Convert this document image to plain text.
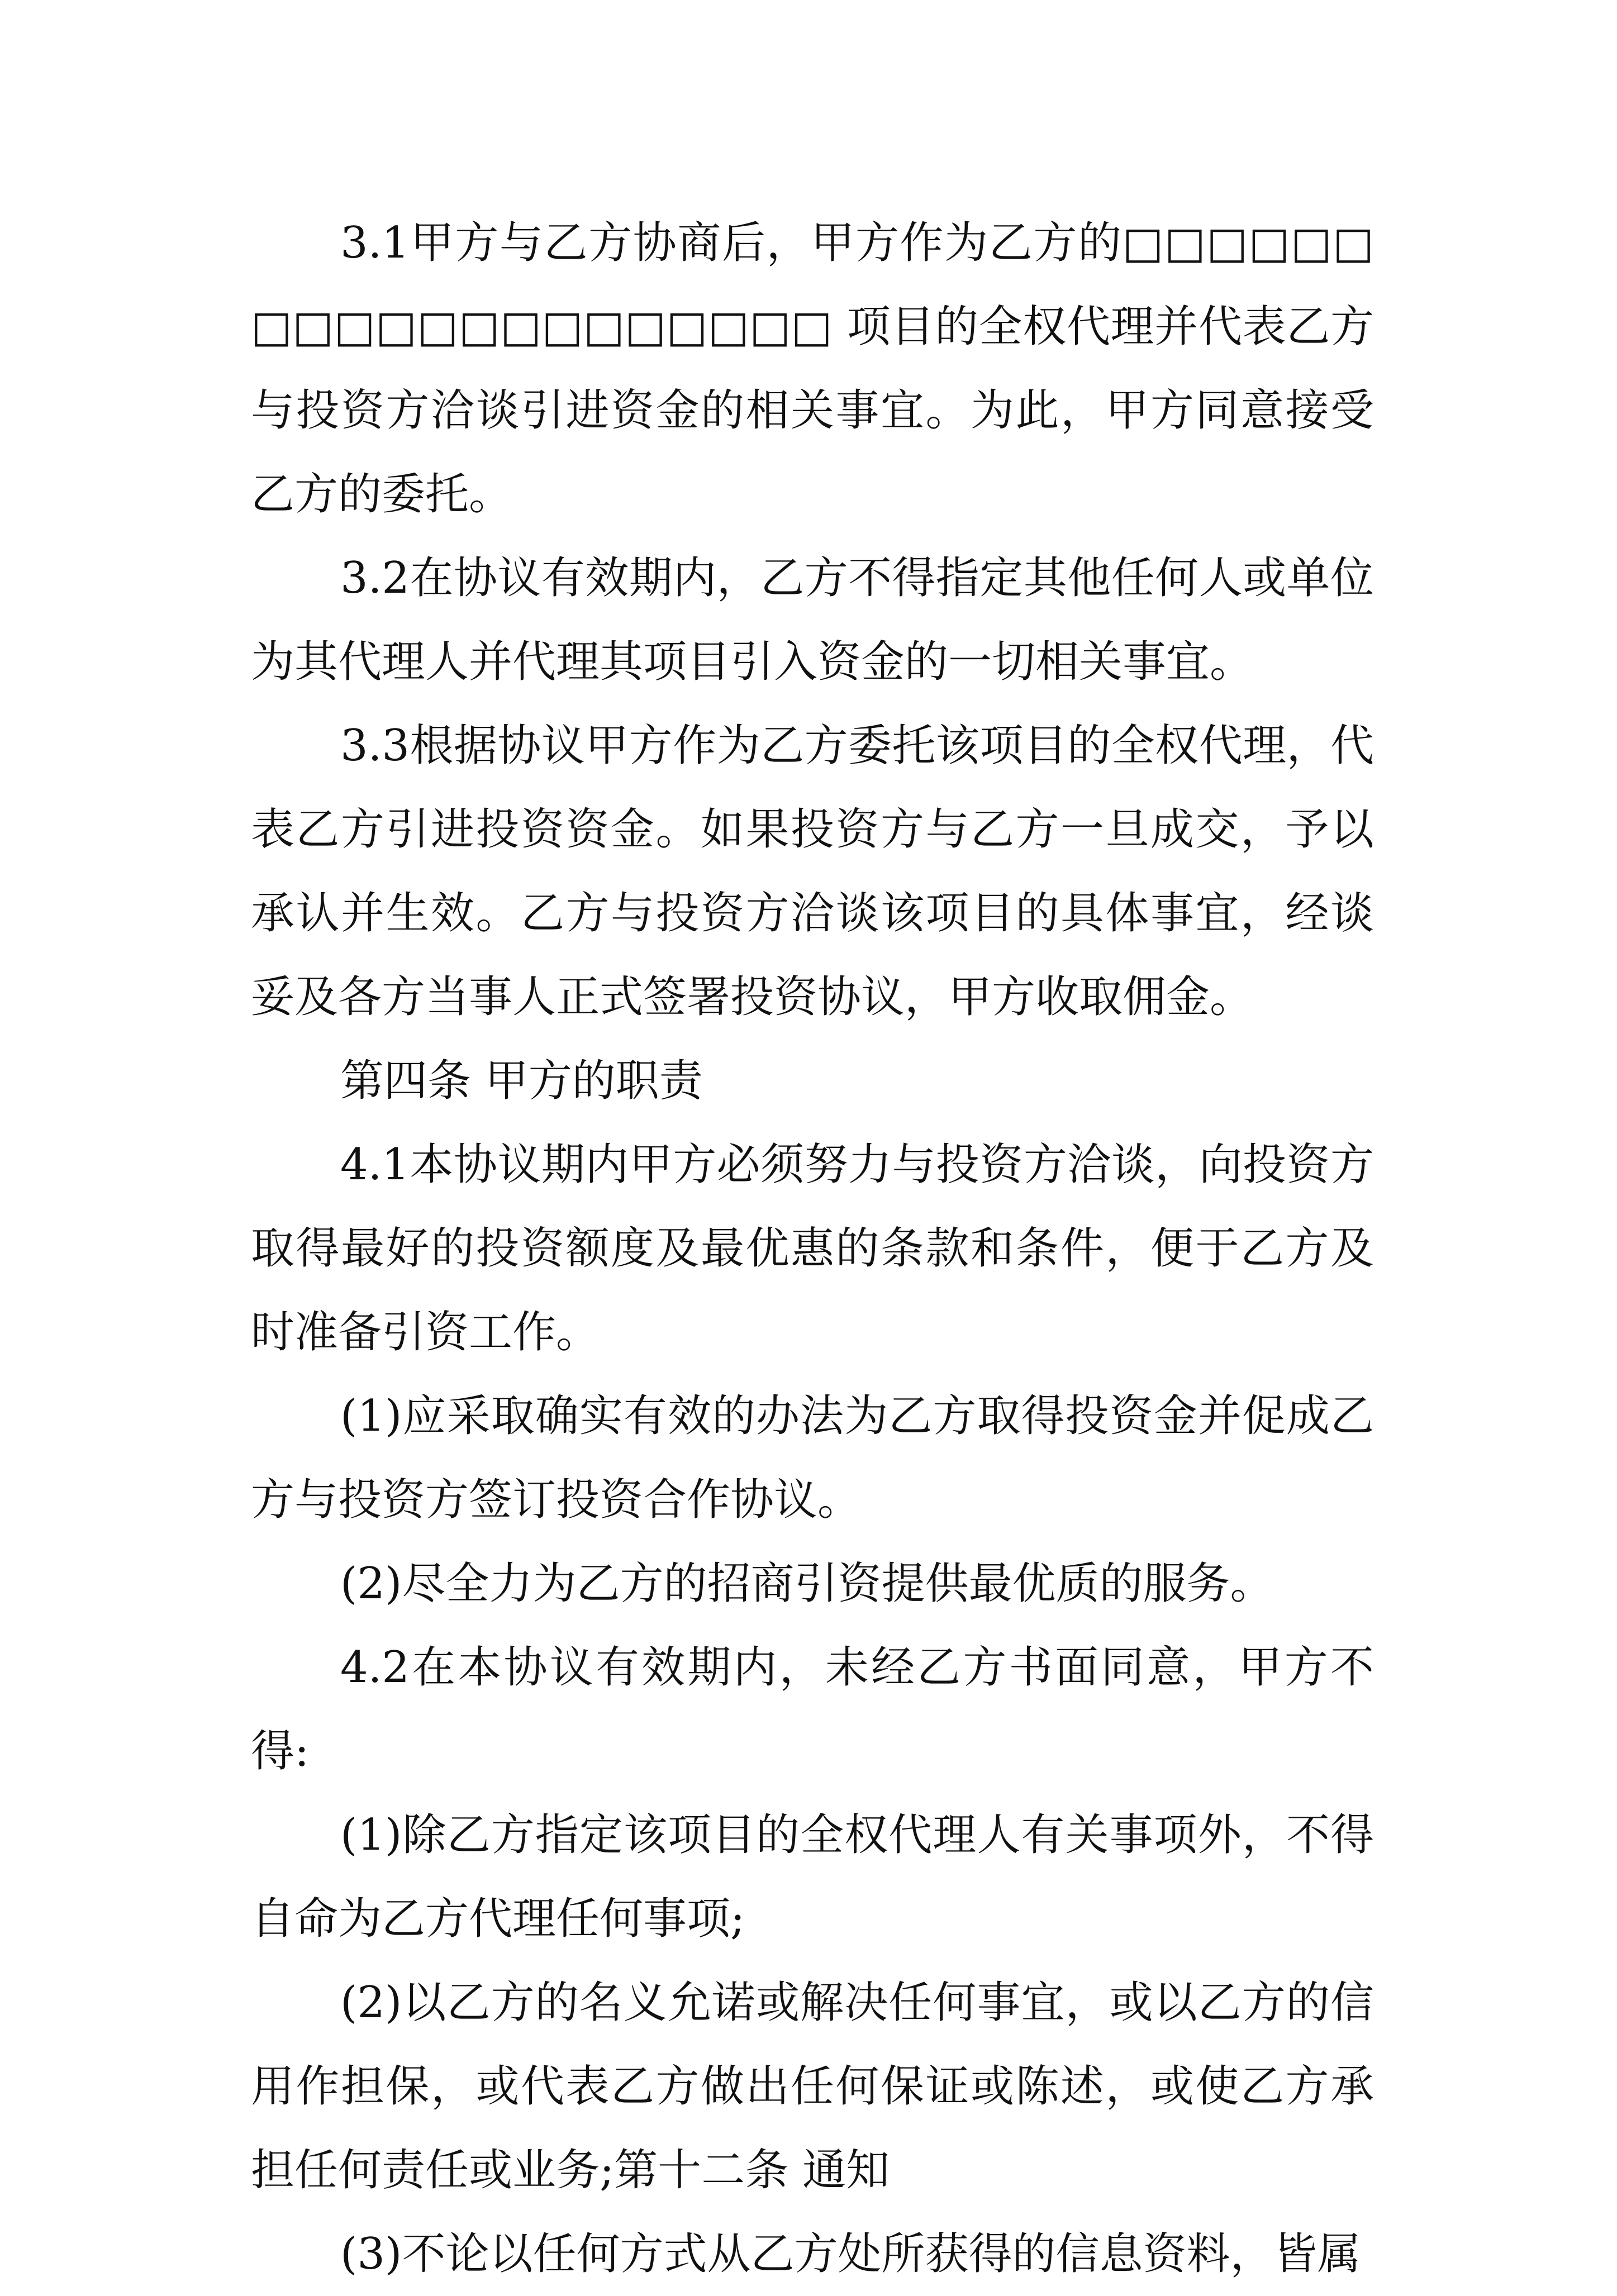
3.1甲方与乙方协商后，甲方作为乙方的□□□□□□□□□□□□□□□□□□□□ 项目的全权代理并代表乙方与投资方洽谈引进资金的相关事宜。为此，甲方同意接受乙方的委托。

3.2在协议有效期内，乙方不得指定其他任何人或单位为其代理人并代理其项目引入资金的一切相关事宜。

3.3根据协议甲方作为乙方委托该项目的全权代理，代表乙方引进投资资金。如果投资方与乙方一旦成交，予以承认并生效。乙方与投资方洽谈该项目的具体事宜，经谈妥及各方当事人正式签署投资协议，甲方收取佣金。

第四条 甲方的职责

4.1本协议期内甲方必须努力与投资方洽谈，向投资方取得最好的投资额度及最优惠的条款和条件，便于乙方及时准备引资工作。

(1)应采取确实有效的办法为乙方取得投资金并促成乙方与投资方签订投资合作协议。

(2)尽全力为乙方的招商引资提供最优质的服务。

4.2在本协议有效期内，未经乙方书面同意，甲方不得:

(1)除乙方指定该项目的全权代理人有关事项外，不得自命为乙方代理任何事项;

(2)以乙方的名义允诺或解决任何事宜，或以乙方的信用作担保，或代表乙方做出任何保证或陈述，或使乙方承担任何责任或业务;第十二条 通知

(3)不论以任何方式从乙方处所获得的信息资料，皆属
